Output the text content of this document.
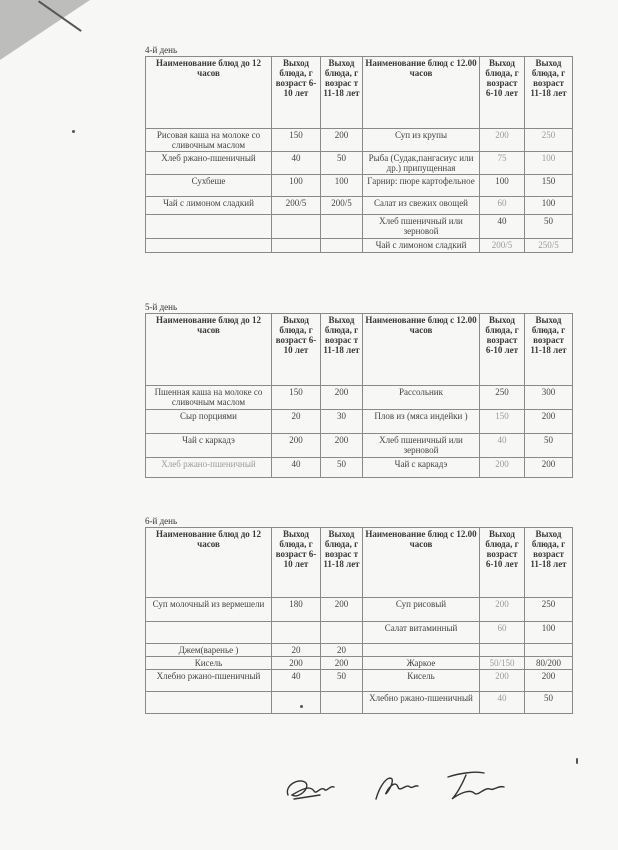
4-й день
Наименование блюд до 12 часов	Выход блюда, г возраст 6-10 лет	Выход блюда, г возрас т 11-18 лет	Наименование блюд с 12.00 часов	Выход блюда, г возраст 6-10 лет	Выход блюда, г возраст 11-18 лет
Рисовая каша на молоке со сливочным маслом	150	200	Суп из крупы	200	250
Хлеб ржано-пшеничный	40	50	Рыба (Судак,пангасиус или др.) припущенная	75	100
Сухбеше	100	100	Гарнир: пюре картофельное	100	150
Чай с лимоном сладкий	200/5	200/5	Салат из свежих овощей	60	100
			Хлеб пшеничный или зерновой	40	50
			Чай с лимоном сладкий	200/5	250/5
5-й день
Наименование блюд до 12 часов	Выход блюда, г возраст 6-10 лет	Выход блюда, г возрас т 11-18 лет	Наименование блюд с 12.00 часов	Выход блюда, г возраст 6-10 лет	Выход блюда, г возраст 11-18 лет
Пшенная каша на молоке со сливочным маслом	150	200	Рассольник	250	300
Сыр порциями	20	30	Плов из (мяса индейки )	150	200
Чай с каркадэ	200	200	Хлеб пшеничный или зерновой	40	50
Хлеб ржано-пшеничный	40	50	Чай с каркадэ	200	200
6-й день
Наименование блюд до 12 часов	Выход блюда, г возраст 6-10 лет	Выход блюда, г возрас т 11-18 лет	Наименование блюд с 12.00 часов	Выход блюда, г возраст 6-10 лет	Выход блюда, г возраст 11-18 лет
Суп молочный из вермешели	180	200	Суп рисовый	200	250
			Салат витаминный	60	100
Джем(варенье )	20	20			
Кисель	200	200	Жаркое	50/150	80/200
Хлебно ржано-пшеничный	40	50	Кисель	200	200
			Хлебно ржано-пшеничный	40	50
